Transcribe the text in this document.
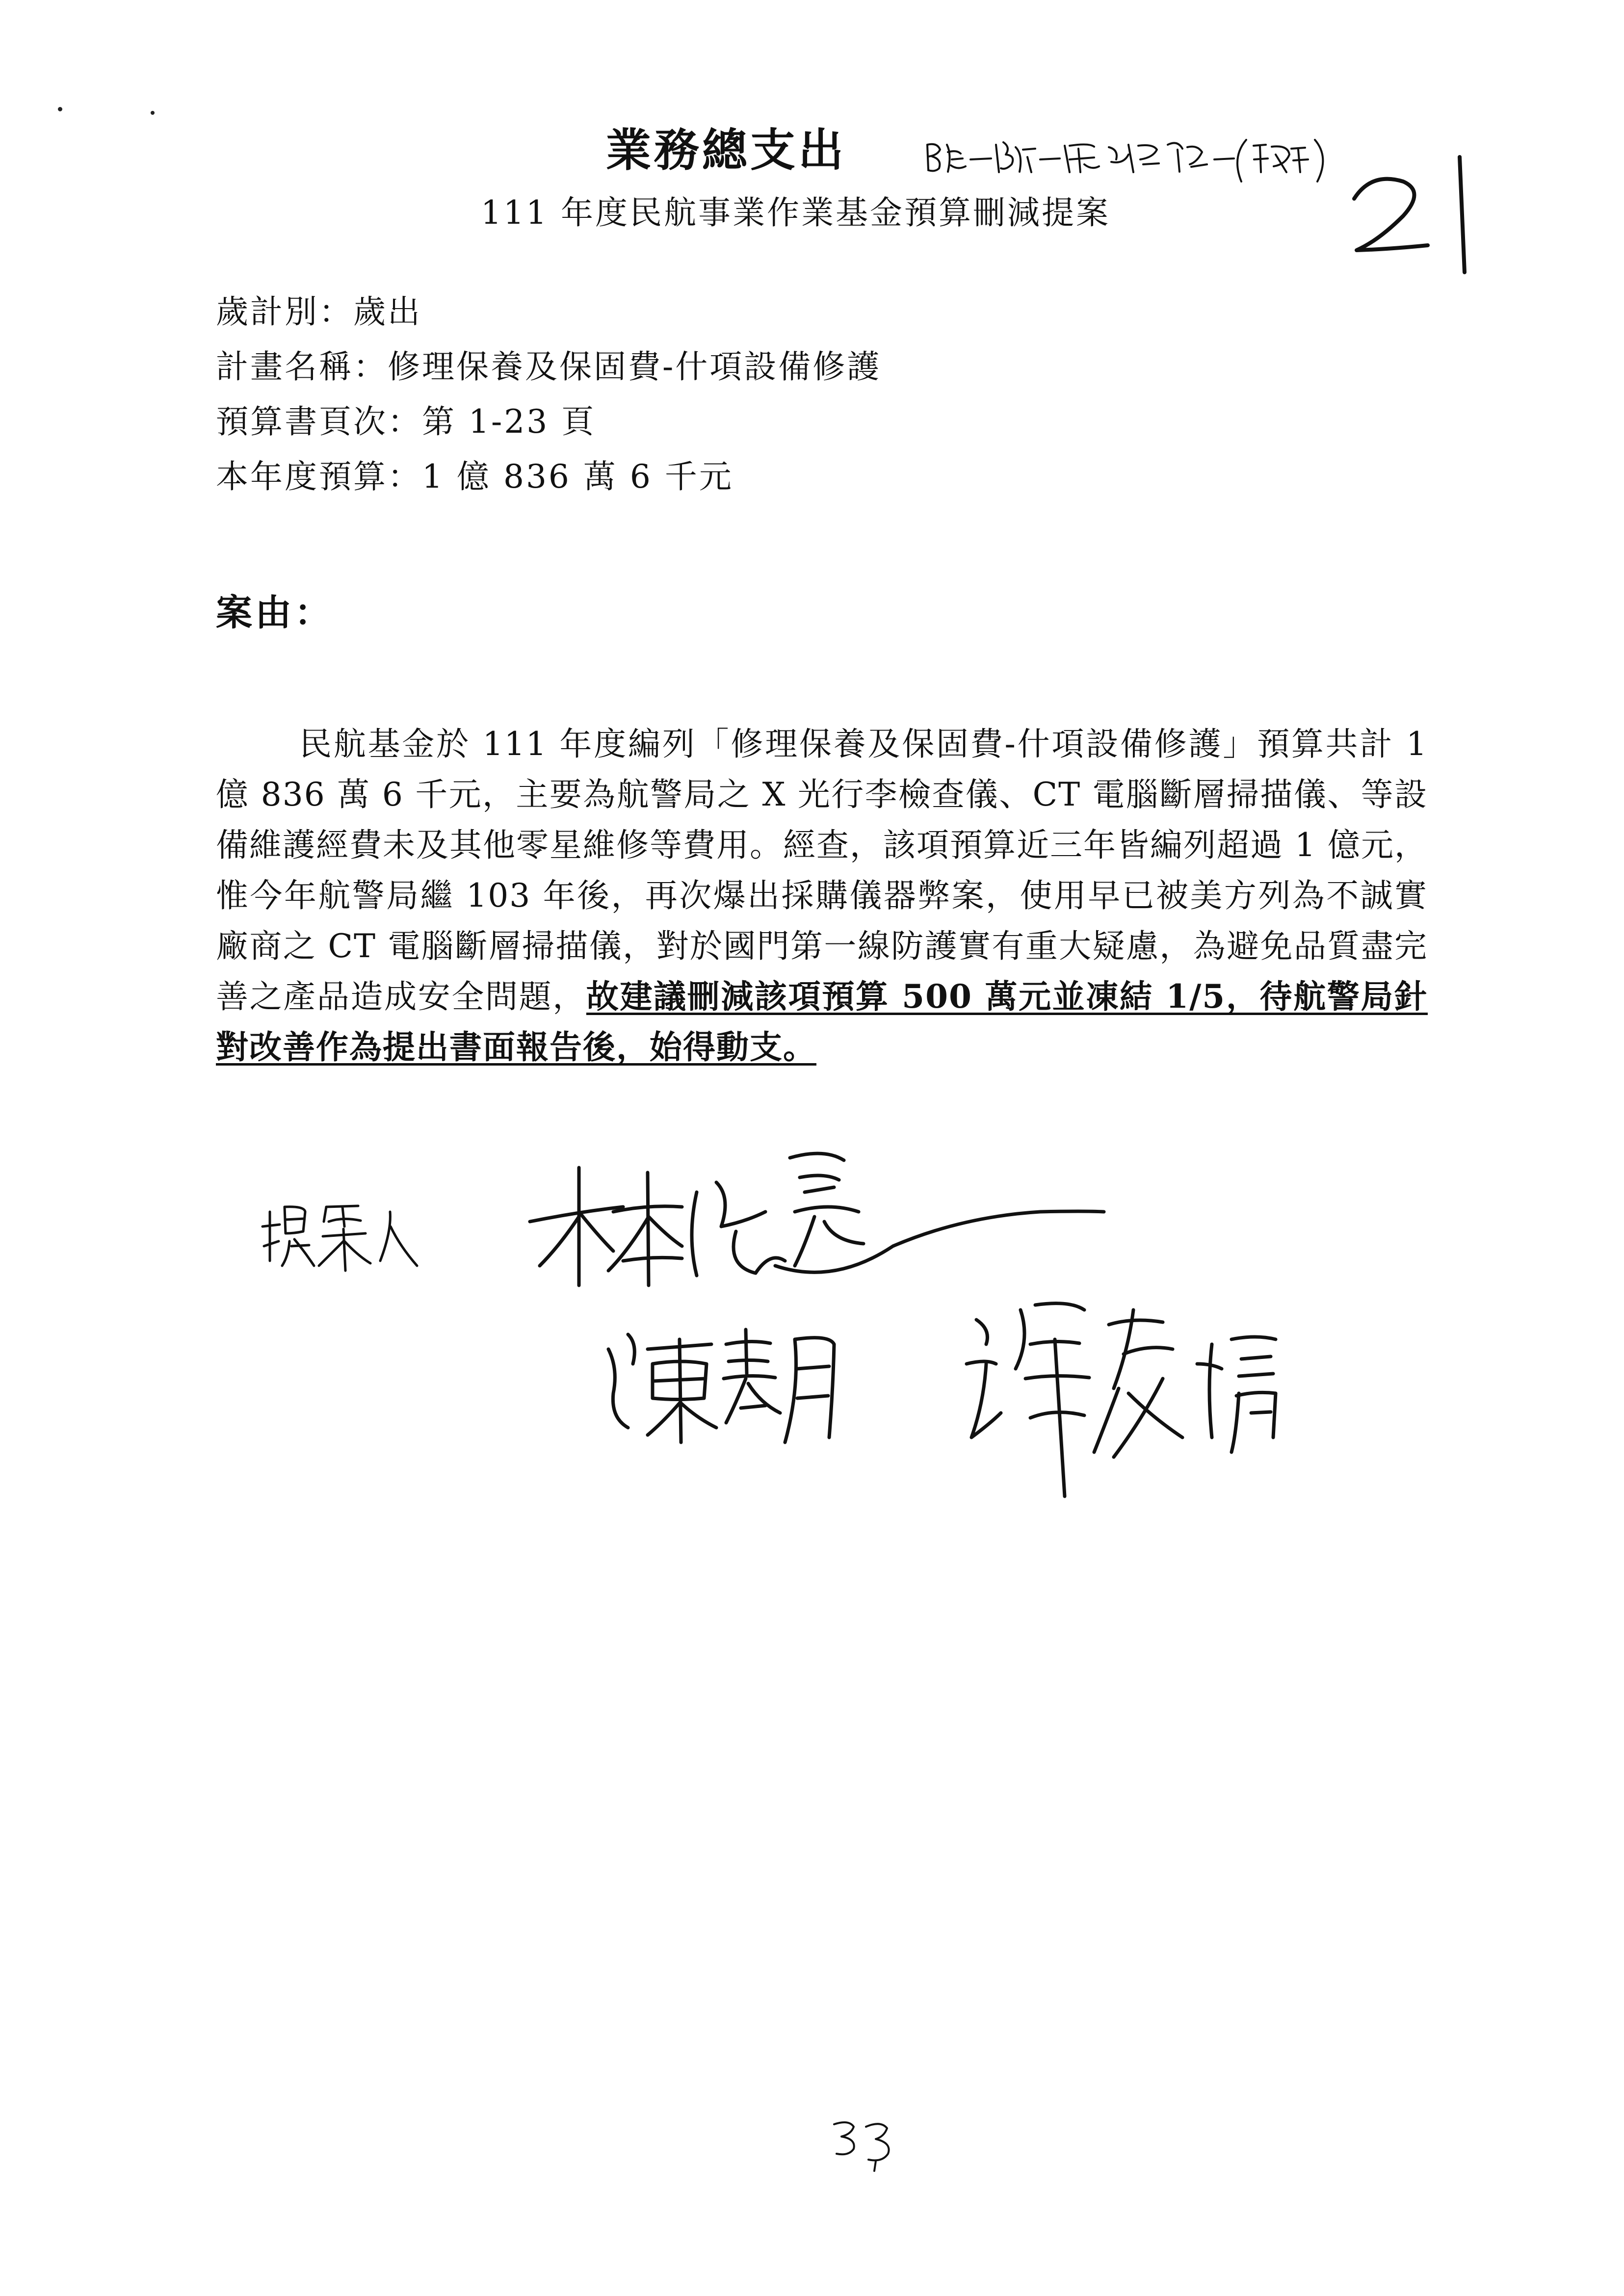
業務總支出
111 年度民航事業作業基金預算刪減提案
歲計別：歲出
計畫名稱：修理保養及保固費-什項設備修護
預算書頁次：第 1-23 頁
本年度預算：1 億 836 萬 6 千元
案由：
民航基金於 111 年度編列「修理保養及保固費-什項設備修護」預算共計 1 億 836 萬 6 千元，主要為航警局之 X 光行李檢查儀、CT 電腦斷層掃描儀、等設備維護經費未及其他零星維修等費用。經查，該項預算近三年皆編列超過 1 億元，惟今年航警局繼 103 年後，再次爆出採購儀器弊案，使用早已被美方列為不誠實廠商之 CT 電腦斷層掃描儀，對於國門第一線防護實有重大疑慮，為避免品質盡完善之產品造成安全問題，故建議刪減該項預算 500 萬元並凍結 1/5，待航警局針對改善作為提出書面報告後，始得動支。
